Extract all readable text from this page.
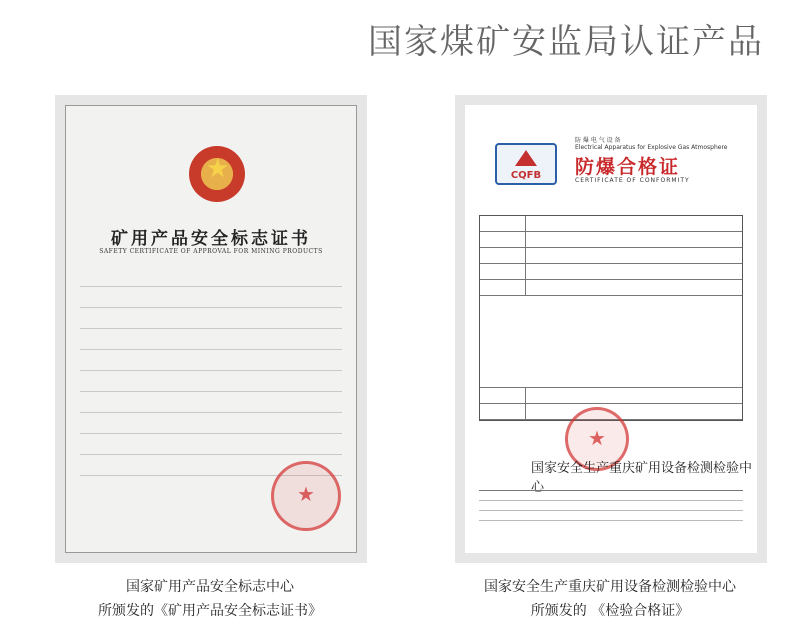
国家煤矿安监局认证产品
★
矿用产品安全标志证书
SAFETY CERTIFICATE OF APPROVAL FOR MINING PRODUCTS
★
CQFB
防 爆 电 气 设 备
Electrical Apparatus for Explosive Gas Atmosphere
防爆合格证
CERTIFICATE OF CONFORMITY
★
国家安全生产重庆矿用设备检测检验中心
国家矿用产品安全标志中心
所颁发的《矿用产品安全标志证书》
国家安全生产重庆矿用设备检测检验中心
所颁发的 《检验合格证》
